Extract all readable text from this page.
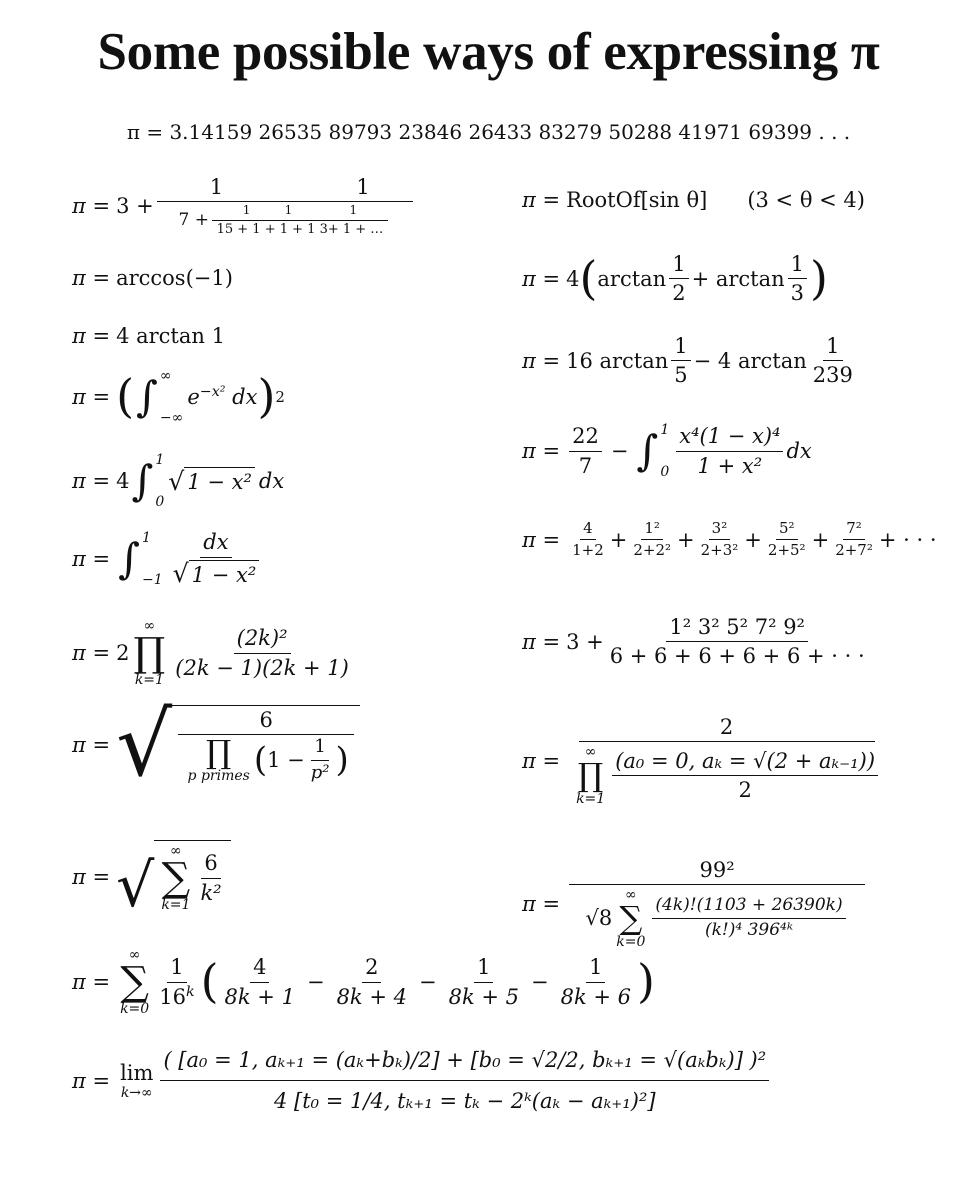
Some possible ways of expressing π
π = 3.14159 26535 89793 23846 26433 83279 50288 41971 69399 . . .
π = 3 +
1	1
$7 + \frac{1 1 1}{15 + 1 + 1 + 1 3+ 1 + \dots}$
π = arccos(−1)
π = 4 arctan 1
π = ( ∫ ∞
−∞
$e^{-x^2}$ dx ) 2
π = 4 ∫ 1
0
√ 1 − x² dx
π = ∫ 1
−1
dx
√ 1 − x²
π = 2
∞
∏
k=1
(2k)²
(2k − 1)(2k + 1)
π = √	6
∏
p primes ( $1 - \frac{1}{\text{p²}}$ )
π = √
∞
∑
k=1
6
k²
π =
∞
∑
k=0
1
16$^k$ ( 4
8k + 1
− $\frac{2}{8k + 4} - \frac{1}{8k + 5} - \frac{1}{8k + 6}$ )
π = lim
k→∞
( [a₀ = 1, aₖ₊₁ = (aₖ+bₖ)/2] + [b₀ = √2/2, bₖ₊₁ = √(aₖbₖ)] )²
4 [t₀ = 1/4, tₖ₊₁ = tₖ − 2ᵏ(aₖ − aₖ₊₁)²]
π = RootOf[sin θ] (3 < θ < 4)
π = 4 ( $\arctan \frac{1}{2} + \arctan \frac{1}{3}$ )
π = 16 $\arctan \frac{1}{5} - 4$ $\arctan \frac{1}{239}$
$\pi = \frac{22}{7}$ − ∫ 1
0
x⁴(1 − x)⁴
1 + x²
dx
$\pi = \frac{4}{1+2} + \frac{\text{1²}}{\text{2+2²}} + \frac{\text{3²}}{\text{2+3²}} + \frac{\text{5²}}{\text{2+5²}} + \frac{\text{7²}}{\text{2+7²}}$ + · · ·
$\pi = 3 + \frac{\text{1² 3² 5² 7² 9²}}{6 + 6 + 6 + 6 + 6 + \cdot \cdot \cdot}$
π = 2
∞
∏
k=1
(a₀ = 0, aₖ = √(2 + aₖ₋₁))
2
π = 99²
√8
∞
∑
k=0
(4k)!(1103 + 26390k)
(k!)⁴ 396⁴ᵏ
